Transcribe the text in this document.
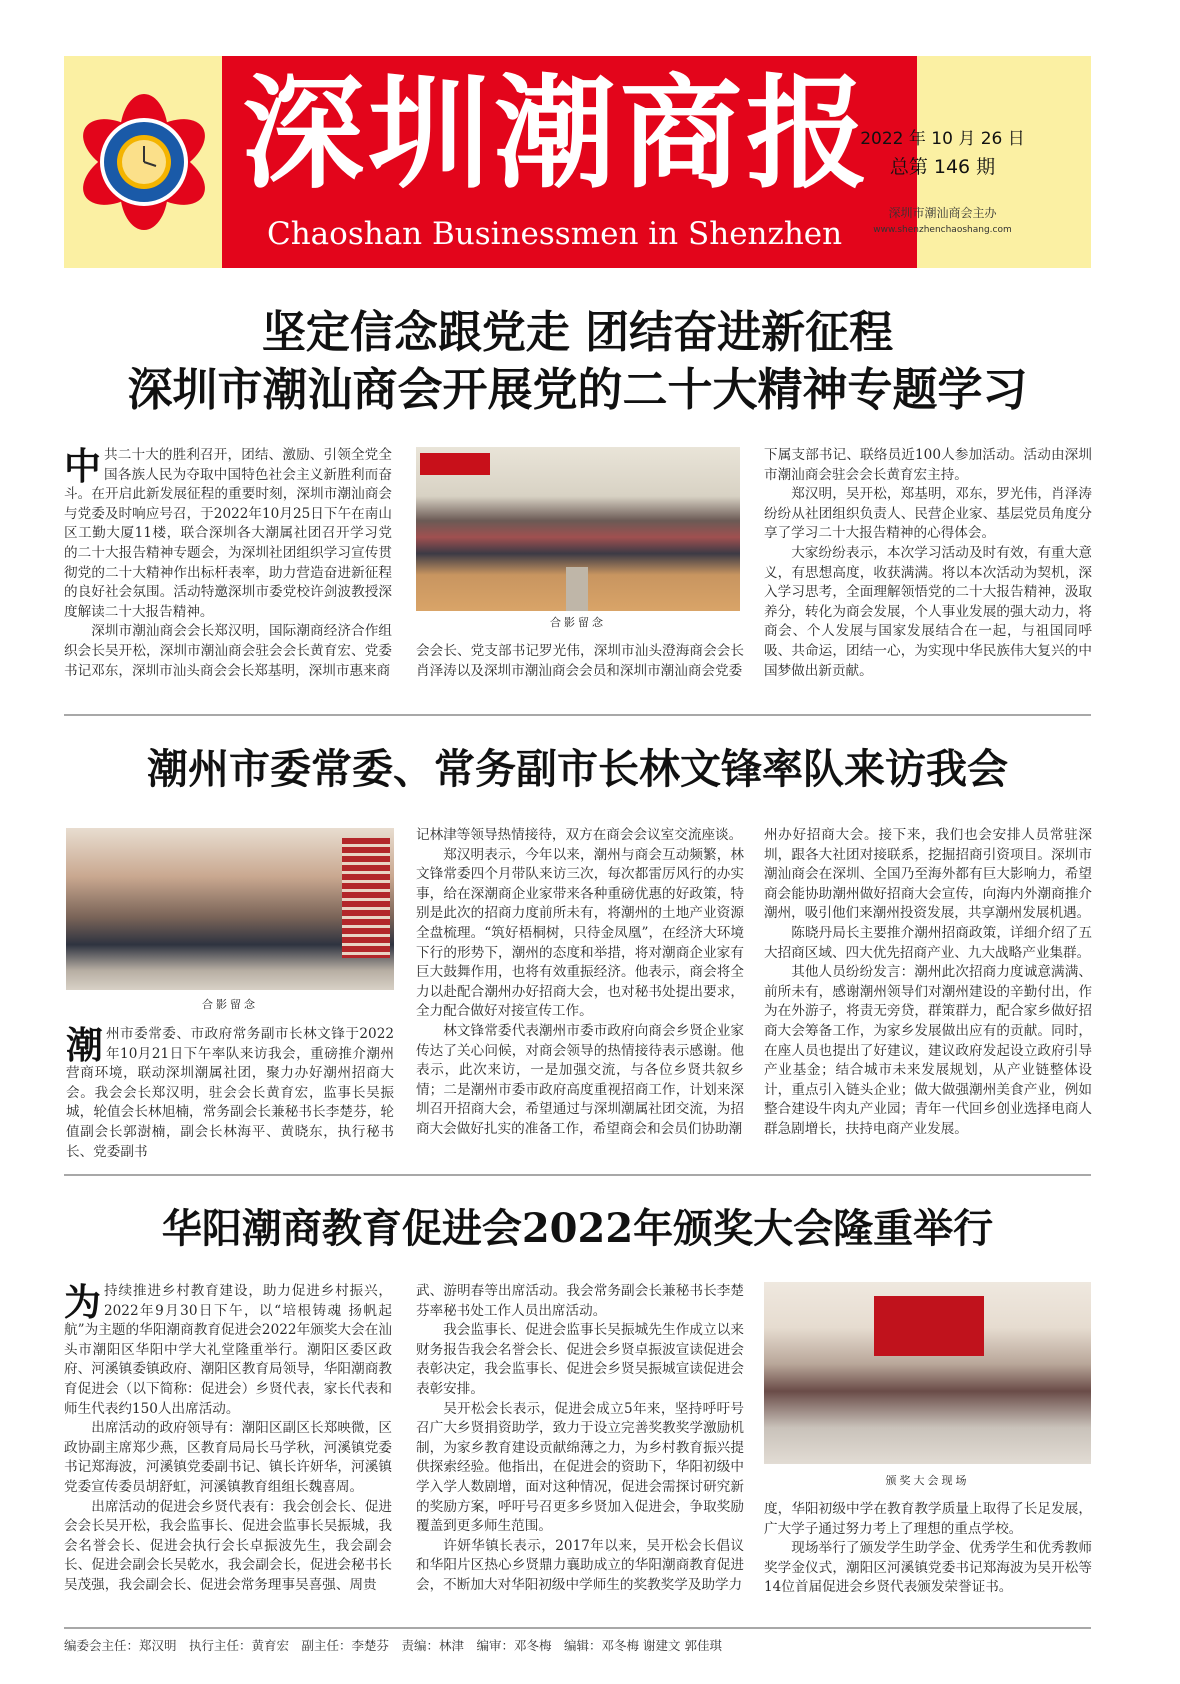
深圳潮商报
Chaoshan Businessmen in Shenzhen
2022 年 10 月 26 日
总第 146 期
深圳市潮汕商会主办
www.shenzhenchaoshang.com
坚定信念跟党走 团结奋进新征程
深圳市潮汕商会开展党的二十大精神专题学习
中 共二十大的胜利召开，团结、激励、引领全党全国各族人民为夺取中国特色社会主义新胜利而奋斗。在开启此新发展征程的重要时刻，深圳市潮汕商会与党委及时响应号召，于2022年10月25日下午在南山区工勤大厦11楼，联合深圳各大潮属社团召开学习党的二十大报告精神专题会，为深圳社团组织学习宣传贯彻党的二十大精神作出标杆表率，助力营造奋进新征程的良好社会氛围。活动特邀深圳市委党校许剑波教授深度解读二十大报告精神。

深圳市潮汕商会会长郑汉明，国际潮商经济合作组织会长吴开松，深圳市潮汕商会驻会会长黄育宏、党委书记邓东，深圳市汕头商会会长郑基明，深圳市惠来商

合影留念

会会长、党支部书记罗光伟，深圳市汕头澄海商会会长肖泽涛以及深圳市潮汕商会会员和深圳市潮汕商会党委

下属支部书记、联络员近100人参加活动。活动由深圳市潮汕商会驻会会长黄育宏主持。

郑汉明，吴开松，郑基明，邓东，罗光伟，肖泽涛纷纷从社团组织负责人、民营企业家、基层党员角度分享了学习二十大报告精神的心得体会。

大家纷纷表示，本次学习活动及时有效，有重大意义，有思想高度，收获满满。将以本次活动为契机，深入学习思考，全面理解领悟党的二十大报告精神，汲取养分，转化为商会发展，个人事业发展的强大动力，将商会、个人发展与国家发展结合在一起，与祖国同呼吸、共命运，团结一心，为实现中华民族伟大复兴的中国梦做出新贡献。

潮州市委常委、常务副市长林文锋率队来访我会
合影留念
潮 州市委常委、市政府常务副市长林文锋于2022年10月21日下午率队来访我会，重磅推介潮州营商环境，联动深圳潮属社团，聚力办好潮州招商大会。我会会长郑汉明，驻会会长黄育宏，监事长吴振城，轮值会长林旭楠，常务副会长兼秘书长李楚芬，轮值副会长郭澍楠，副会长林海平、黄晓东，执行秘书长、党委副书

记林津等领导热情接待，双方在商会会议室交流座谈。

郑汉明表示，今年以来，潮州与商会互动频繁，林文锋常委四个月带队来访三次，每次都雷厉风行的办实事，给在深潮商企业家带来各种重磅优惠的好政策，特别是此次的招商力度前所未有，将潮州的土地产业资源全盘梳理。“筑好梧桐树，只待金凤凰”，在经济大环境下行的形势下，潮州的态度和举措，将对潮商企业家有巨大鼓舞作用，也将有效重振经济。他表示，商会将全力以赴配合潮州办好招商大会，也对秘书处提出要求，全力配合做好对接宣传工作。

林文锋常委代表潮州市委市政府向商会乡贤企业家传达了关心问候，对商会领导的热情接待表示感谢。他表示，此次来访，一是加强交流，与各位乡贤共叙乡情；二是潮州市委市政府高度重视招商工作，计划来深圳召开招商大会，希望通过与深圳潮属社团交流，为招商大会做好扎实的准备工作，希望商会和会员们协助潮

州办好招商大会。接下来，我们也会安排人员常驻深圳，跟各大社团对接联系，挖掘招商引资项目。深圳市潮汕商会在深圳、全国乃至海外都有巨大影响力，希望商会能协助潮州做好招商大会宣传，向海内外潮商推介潮州，吸引他们来潮州投资发展，共享潮州发展机遇。

陈晓丹局长主要推介潮州招商政策，详细介绍了五大招商区域、四大优先招商产业、九大战略产业集群。

其他人员纷纷发言：潮州此次招商力度诚意满满、前所未有，感谢潮州领导们对潮州建设的辛勤付出，作为在外游子，将责无旁贷，群策群力，配合家乡做好招商大会筹备工作，为家乡发展做出应有的贡献。同时，在座人员也提出了好建议，建议政府发起设立政府引导产业基金；结合城市未来发展规划，从产业链整体设计，重点引入链头企业；做大做强潮州美食产业，例如整合建设牛肉丸产业园；青年一代回乡创业选择电商人群急剧增长，扶持电商产业发展。

华阳潮商教育促进会2022年颁奖大会隆重举行
为 持续推进乡村教育建设，助力促进乡村振兴，2022年9月30日下午，以“培根铸魂 扬帆起航”为主题的华阳潮商教育促进会2022年颁奖大会在汕头市潮阳区华阳中学大礼堂隆重举行。潮阳区委区政府、河溪镇委镇政府、潮阳区教育局领导，华阳潮商教育促进会（以下简称：促进会）乡贤代表，家长代表和师生代表约150人出席活动。

出席活动的政府领导有：潮阳区副区长郑映微，区政协副主席郑少燕，区教育局局长马学秋，河溪镇党委书记郑海波，河溪镇党委副书记、镇长许妍华，河溪镇党委宣传委员胡舒虹，河溪镇教育组组长魏喜周。

出席活动的促进会乡贤代表有：我会创会长、促进会会长吴开松，我会监事长、促进会监事长吴振城，我会名誉会长、促进会执行会长卓振波先生，我会副会长、促进会副会长吴乾水，我会副会长，促进会秘书长吴茂强，我会副会长、促进会常务理事吴喜强、周贵

武、游明春等出席活动。我会常务副会长兼秘书长李楚芬率秘书处工作人员出席活动。

我会监事长、促进会监事长吴振城先生作成立以来财务报告我会名誉会长、促进会乡贤卓振波宣读促进会表彰决定，我会监事长、促进会乡贤吴振城宣读促进会表彰安排。

吴开松会长表示，促进会成立5年来，坚持呼吁号召广大乡贤捐资助学，致力于设立完善奖教奖学激励机制，为家乡教育建设贡献绵薄之力，为乡村教育振兴提供探索经验。他指出，在促进会的资助下，华阳初级中学入学人数剧增，面对这种情况，促进会需探讨研究新的奖励方案，呼吁号召更多乡贤加入促进会，争取奖励覆盖到更多师生范围。

许妍华镇长表示，2017年以来，吴开松会长倡议和华阳片区热心乡贤鼎力襄助成立的华阳潮商教育促进会，不断加大对华阳初级中学师生的奖教奖学及助学力

颁奖大会现场

度，华阳初级中学在教育教学质量上取得了长足发展，广大学子通过努力考上了理想的重点学校。

现场举行了颁发学生助学金、优秀学生和优秀教师奖学金仪式，潮阳区河溪镇党委书记郑海波为吴开松等14位首届促进会乡贤代表颁发荣誉证书。

编委会主任：郑汉明　执行主任：黄育宏　副主任：李楚芬　责编：林津　编审：邓冬梅　编辑：邓冬梅 谢建文 郭佳琪
